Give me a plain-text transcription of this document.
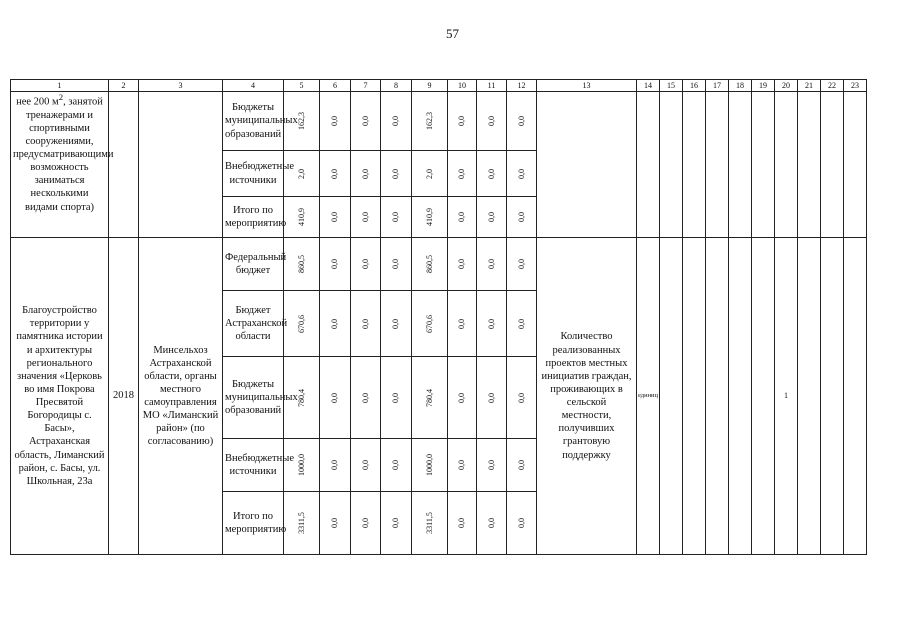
57
1	2	3	4	5	6	7	8	9	10	11	12	13	14	15	16	17	18	19	20	21	22	23
нее 200 $м^2$, занятой тренажерами и спортивными сооружениями, предусматривающими возможность заниматься несколькими видами спорта)			Бюджеты муниципальных образований	162,3	0,0	0,0	0,0	162,3	0,0	0,0	0,0											
			Внебюджетные источники	2,0	0,0	0,0	0,0	2,0	0,0	0,0	0,0											
			Итого по мероприятию	410,9	0,0	0,0	0,0	410,9	0,0	0,0	0,0											
Благоустройство территории у памятника истории и архитектуры регионального значения «Церковь во имя Покрова Пресвятой Богородицы с. Басы», Астраханская область, Лиманский район, с. Басы, ул. Школьная, 23а	2018	Минсельхоз Астраханской области, органы местного самоуправления МО «Лиманский район» (по согласованию)	Федеральный бюджет	860,5	0,0	0,0	0,0	860,5	0,0	0,0	0,0	Количество реализованных проектов местных инициатив граждан, проживающих в сельской местности, получивших грантовую поддержку	единиц						1			
			Бюджет Астраханской области	670,6	0,0	0,0	0,0	670,6	0,0	0,0	0,0											
			Бюджеты муниципальных образований	780,4	0,0	0,0	0,0	780,4	0,0	0,0	0,0											
			Внебюджетные источники	1000,0	0,0	0,0	0,0	1000,0	0,0	0,0	0,0											
			Итого по мероприятию	3311,5	0,0	0,0	0,0	3311,5	0,0	0,0	0,0											
